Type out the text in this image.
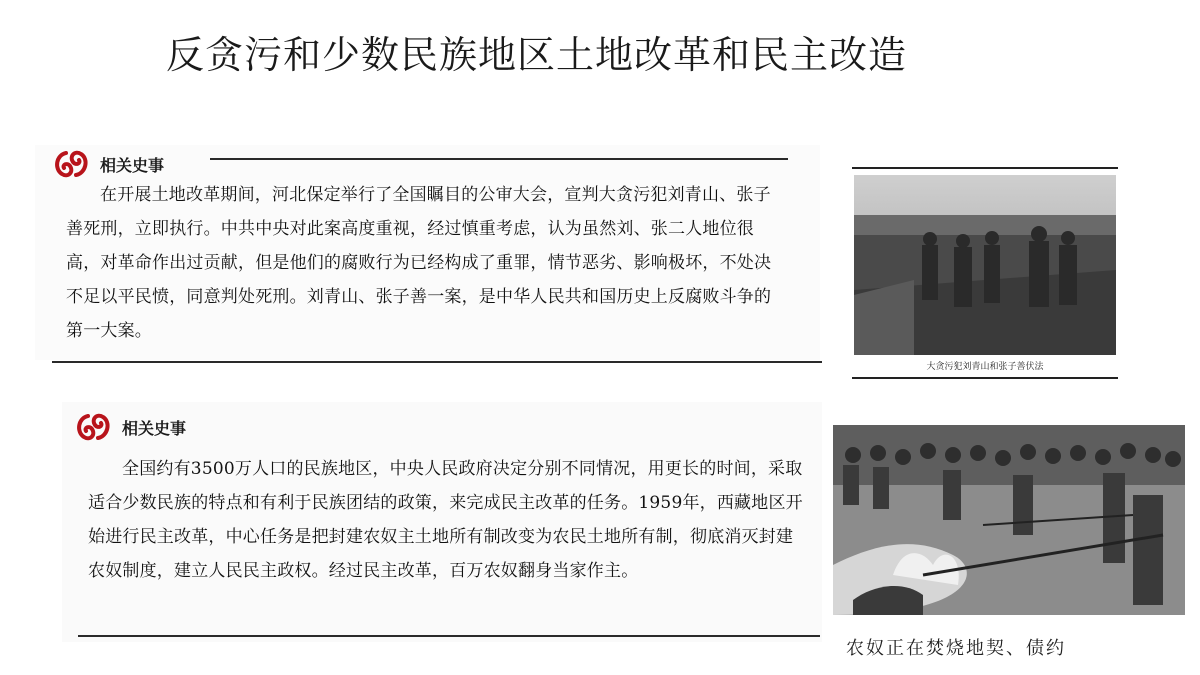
反贪污和少数民族地区土地改革和民主改造
相关史事
在开展土地改革期间，河北保定举行了全国瞩目的公审大会，宣判大贪污犯刘青山、张子善死刑，立即执行。中共中央对此案高度重视，经过慎重考虑，认为虽然刘、张二人地位很高，对革命作出过贡献，但是他们的腐败行为已经构成了重罪，情节恶劣、影响极坏，不处决不足以平民愤，同意判处死刑。刘青山、张子善一案，是中华人民共和国历史上反腐败斗争的第一大案。
大贪污犯刘青山和张子善伏法
相关史事
全国约有3500万人口的民族地区，中央人民政府决定分别不同情况，用更长的时间，采取适合少数民族的特点和有利于民族团结的政策，来完成民主改革的任务。1959年，西藏地区开始进行民主改革，中心任务是把封建农奴主土地所有制改变为农民土地所有制，彻底消灭封建农奴制度，建立人民民主政权。经过民主改革，百万农奴翻身当家作主。
农奴正在焚烧地契、债约
